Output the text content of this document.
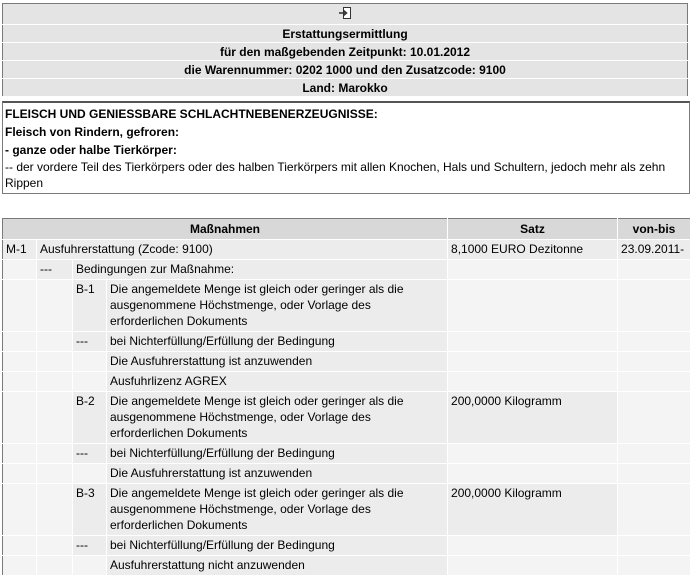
Erstattungsermittlung
für den maßgebenden Zeitpunkt: 10.01.2012
die Warennummer: 0202 1000 und den Zusatzcode: 9100
Land: Marokko
FLEISCH UND GENIESSBARE SCHLACHTNEBENERZEUGNISSE:
Fleisch von Rindern, gefroren:
- ganze oder halbe Tierkörper:
-- der vordere Teil des Tierkörpers oder des halben Tierkörpers mit allen Knochen, Hals und Schultern, jedoch mehr als zehn Rippen
Maßnahmen				Satz	von-bis
M-1	Ausfuhrerstattung (Zcode: 9100)			8,1000 EURO Dezitonne	23.09.2011-
	---	Bedingungen zur Maßnahme:			
		B-1	Die angemeldete Menge ist gleich oder geringer als die ausgenommene Höchstmenge, oder Vorlage des erforderlichen Dokuments		
		---	bei Nichterfüllung/Erfüllung der Bedingung		
			Die Ausfuhrerstattung ist anzuwenden		
			Ausfuhrlizenz AGREX		
		B-2	Die angemeldete Menge ist gleich oder geringer als die ausgenommene Höchstmenge, oder Vorlage des erforderlichen Dokuments	200,0000 Kilogramm	
		---	bei Nichterfüllung/Erfüllung der Bedingung		
			Die Ausfuhrerstattung ist anzuwenden		
		B-3	Die angemeldete Menge ist gleich oder geringer als die ausgenommene Höchstmenge, oder Vorlage des erforderlichen Dokuments	200,0000 Kilogramm	
		---	bei Nichterfüllung/Erfüllung der Bedingung		
			Ausfuhrerstattung nicht anzuwenden		
